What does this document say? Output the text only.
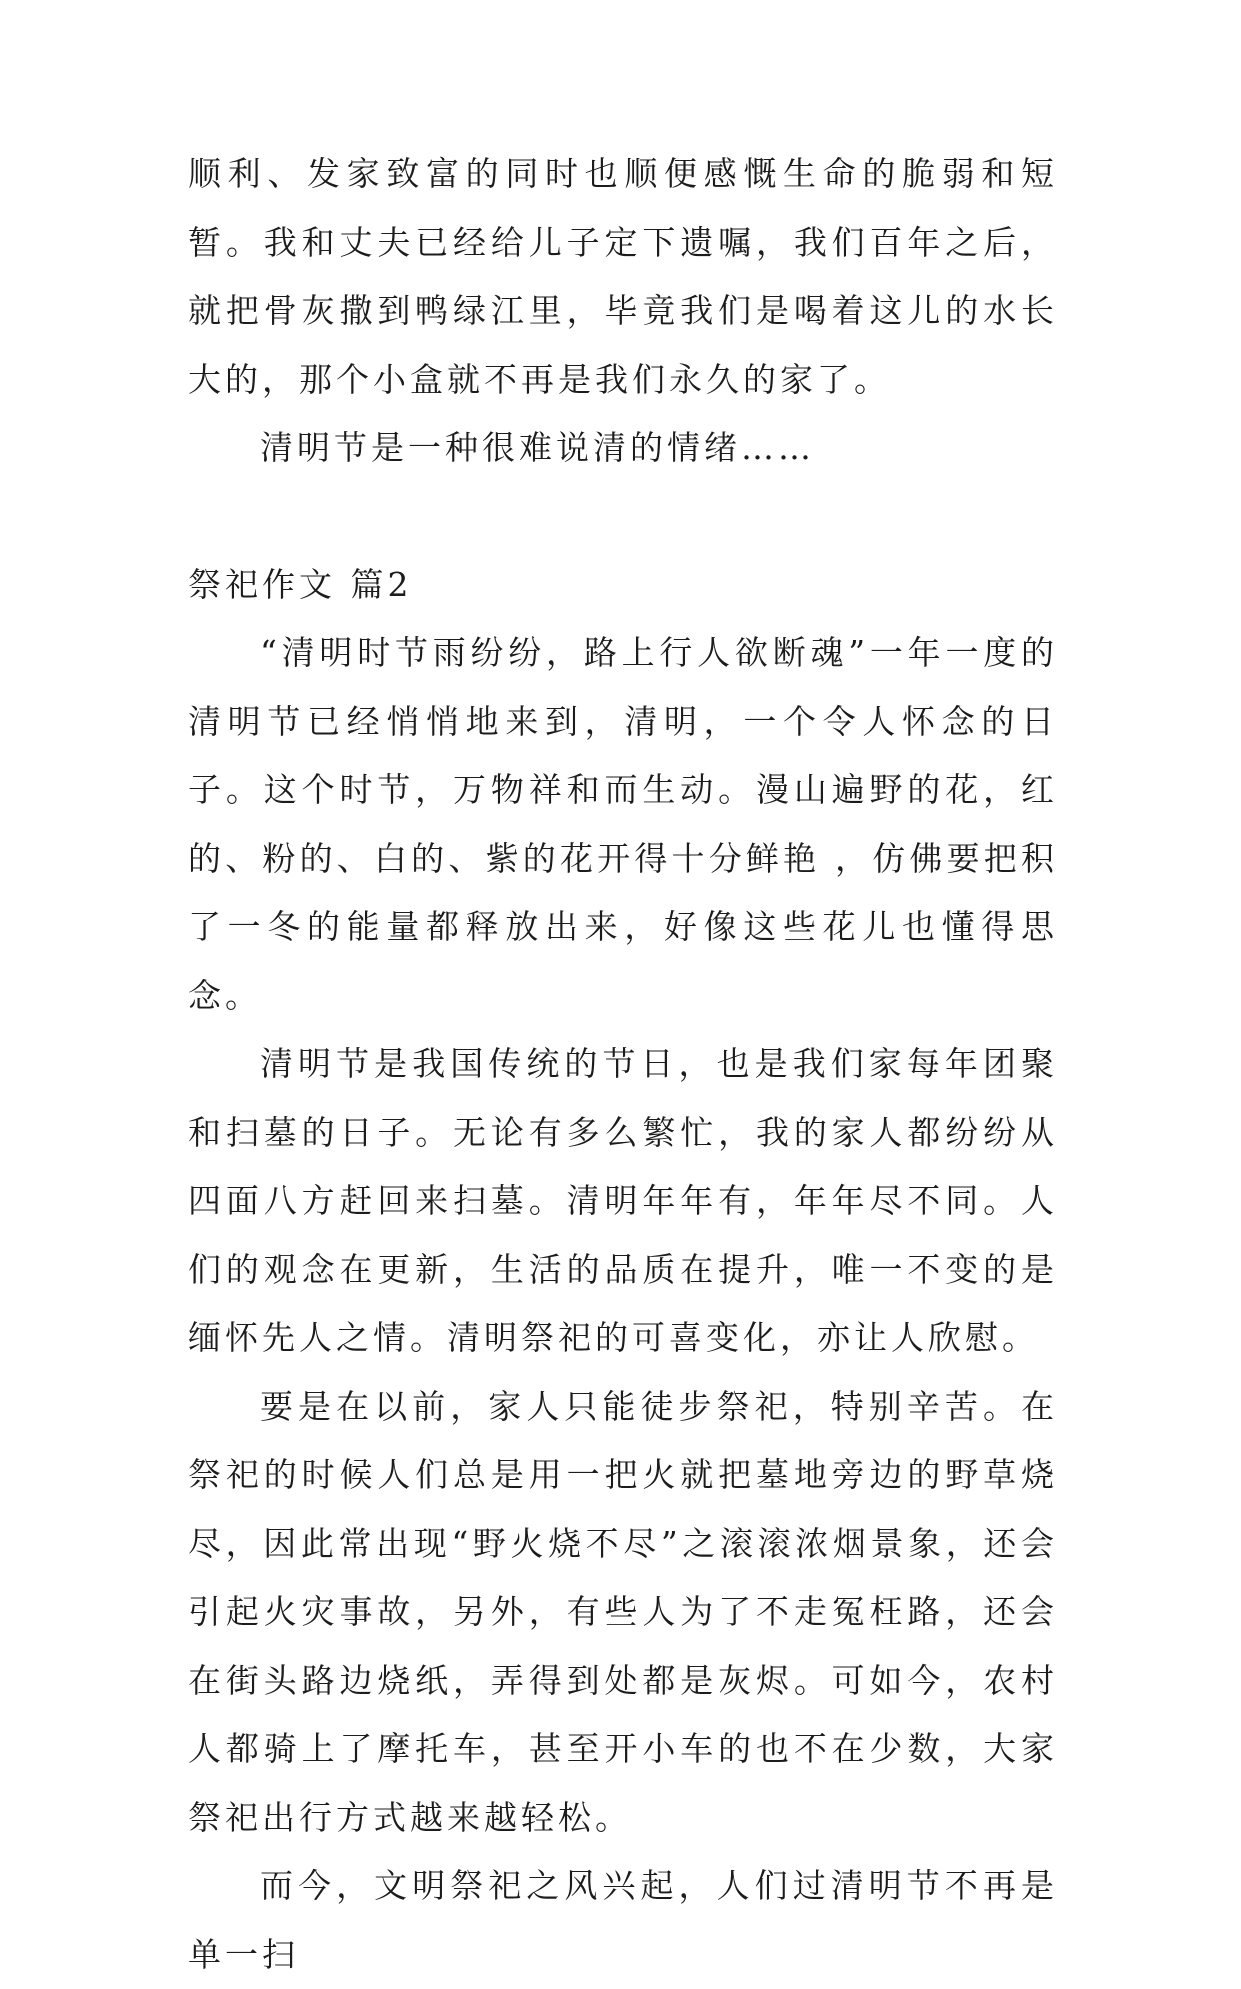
顺利、发家致富的同时也顺便感慨生命的脆弱和短暂。我和丈夫已经给儿子定下遗嘱，我们百年之后，就把骨灰撒到鸭绿江里，毕竟我们是喝着这儿的水长大的，那个小盒就不再是我们永久的家了。

清明节是一种很难说清的情绪……

祭祀作文 篇2

“清明时节雨纷纷，路上行人欲断魂”一年一度的清明节已经悄悄地来到，清明，一个令人怀念的日子。这个时节，万物祥和而生动。漫山遍野的花，红的、粉的、白的、紫的花开得十分鲜艳 ，仿佛要把积了一冬的能量都释放出来，好像这些花儿也懂得思念。

清明节是我国传统的节日，也是我们家每年团聚和扫墓的日子。无论有多么繁忙，我的家人都纷纷从四面八方赶回来扫墓。清明年年有，年年尽不同。人们的观念在更新，生活的品质在提升，唯一不变的是缅怀先人之情。清明祭祀的可喜变化，亦让人欣慰。

要是在以前，家人只能徒步祭祀，特别辛苦。在祭祀的时候人们总是用一把火就把墓地旁边的野草烧尽，因此常出现“野火烧不尽”之滚滚浓烟景象，还会引起火灾事故，另外，有些人为了不走冤枉路，还会在街头路边烧纸，弄得到处都是灰烬。可如今，农村人都骑上了摩托车，甚至开小车的也不在少数，大家祭祀出行方式越来越轻松。

而今，文明祭祀之风兴起，人们过清明节不再是单一扫
